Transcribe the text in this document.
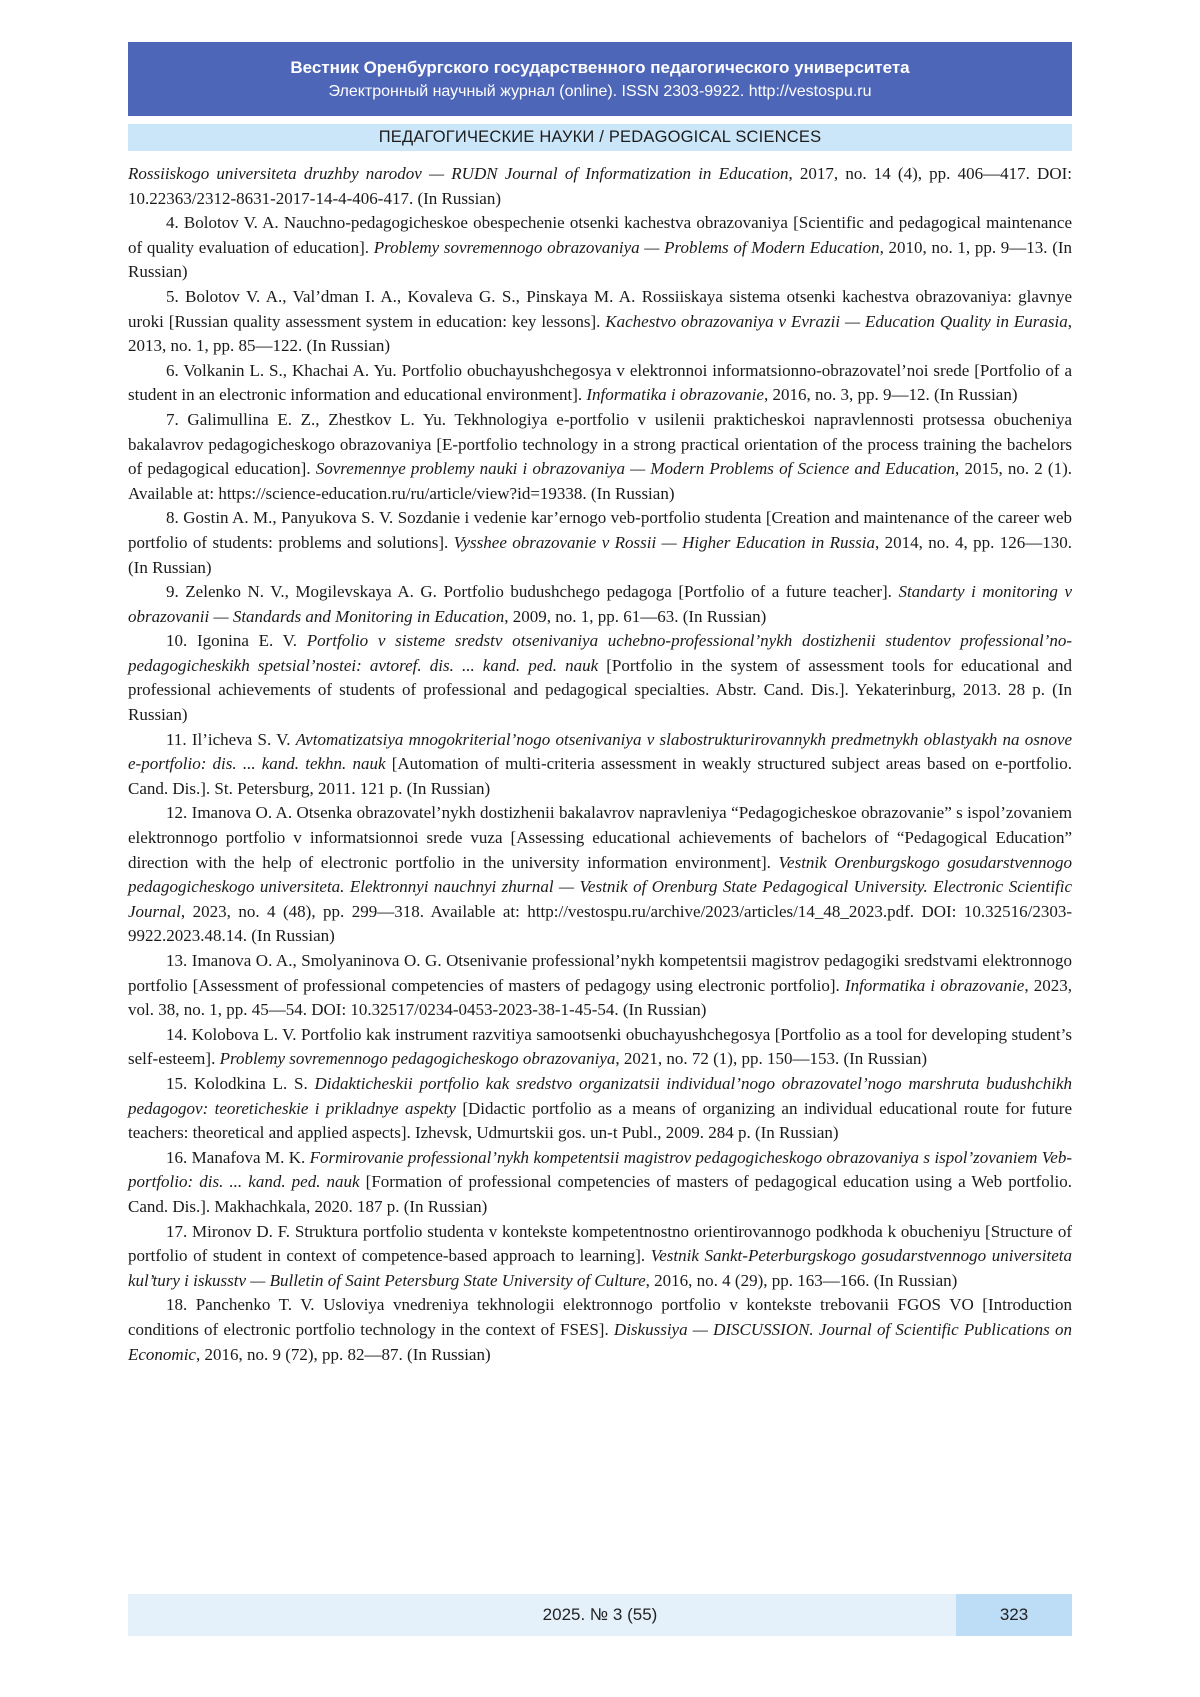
Вестник Оренбургского государственного педагогического университета
Электронный научный журнал (online). ISSN 2303-9922. http://vestospu.ru
ПЕДАГОГИЧЕСКИЕ НАУКИ / PEDAGOGICAL SCIENCES

Rossiiskogo universiteta druzhby narodov — RUDN Journal of Informatization in Education, 2017, no. 14 (4), pp. 406—417. DOI: 10.22363/2312-8631-2017-14-4-406-417. (In Russian)

4. Bolotov V. A. Nauchno-pedagogicheskoe obespechenie otsenki kachestva obrazovaniya [Scientific and pedagogical maintenance of quality evaluation of education]. Problemy sovremennogo obrazovaniya — Problems of Modern Education, 2010, no. 1, pp. 9—13. (In Russian)

5. Bolotov V. A., Val’dman I. A., Kovaleva G. S., Pinskaya M. A. Rossiiskaya sistema otsenki kachestva obrazovaniya: glavnye uroki [Russian quality assessment system in education: key lessons]. Kachestvo obrazovaniya v Evrazii — Education Quality in Eurasia, 2013, no. 1, pp. 85—122. (In Russian)

6. Volkanin L. S., Khachai A. Yu. Portfolio obuchayushchegosya v elektronnoi informatsionno-obrazovatel’noi srede [Portfolio of a student in an electronic information and educational environment]. Informatika i obrazovanie, 2016, no. 3, pp. 9—12. (In Russian)

7. Galimullina E. Z., Zhestkov L. Yu. Tekhnologiya e-portfolio v usilenii prakticheskoi napravlennosti protsessa obucheniya bakalavrov pedagogicheskogo obrazovaniya [E-portfolio technology in a strong practical orientation of the process training the bachelors of pedagogical education]. Sovremennye problemy nauki i obrazovaniya — Modern Problems of Science and Education, 2015, no. 2 (1). Available at: https://science-education.ru/ru/article/view?id=19338. (In Russian)

8. Gostin A. M., Panyukova S. V. Sozdanie i vedenie kar’ernogo veb-portfolio studenta [Creation and maintenance of the career web portfolio of students: problems and solutions]. Vysshee obrazovanie v Rossii — Higher Education in Russia, 2014, no. 4, pp. 126—130. (In Russian)

9. Zelenko N. V., Mogilevskaya A. G. Portfolio budushchego pedagoga [Portfolio of a future teacher]. Standarty i monitoring v obrazovanii — Standards and Monitoring in Education, 2009, no. 1, pp. 61—63. (In Russian)

10. Igonina E. V. Portfolio v sisteme sredstv otsenivaniya uchebno-professional’nykh dostizhenii studentov professional’no-pedagogicheskikh spetsial’nostei: avtoref. dis. ... kand. ped. nauk [Portfolio in the system of assessment tools for educational and professional achievements of students of professional and pedagogical specialties. Abstr. Cand. Dis.]. Yekaterinburg, 2013. 28 p. (In Russian)

11. Il’icheva S. V. Avtomatizatsiya mnogokriterial’nogo otsenivaniya v slabostrukturirovannykh predmetnykh oblastyakh na osnove e-portfolio: dis. ... kand. tekhn. nauk [Automation of multi-criteria assessment in weakly structured subject areas based on e-portfolio. Cand. Dis.]. St. Petersburg, 2011. 121 p. (In Russian)

12. Imanova O. A. Otsenka obrazovatel’nykh dostizhenii bakalavrov napravleniya “Pedagogicheskoe obrazovanie” s ispol’zovaniem elektronnogo portfolio v informatsionnoi srede vuza [Assessing educational achievements of bachelors of “Pedagogical Education” direction with the help of electronic portfolio in the university information environment]. Vestnik Orenburgskogo gosudarstvennogo pedagogicheskogo universiteta. Elektronnyi nauchnyi zhurnal — Vestnik of Orenburg State Pedagogical University. Electronic Scientific Journal, 2023, no. 4 (48), pp. 299—318. Available at: http://vestospu.ru/archive/2023/articles/14_48_2023.pdf. DOI: 10.32516/2303-9922.2023.48.14. (In Russian)

13. Imanova O. A., Smolyaninova O. G. Otsenivanie professional’nykh kompetentsii magistrov pedagogiki sredstvami elektronnogo portfolio [Assessment of professional competencies of masters of pedagogy using electronic portfolio]. Informatika i obrazovanie, 2023, vol. 38, no. 1, pp. 45—54. DOI: 10.32517/0234-0453-2023-38-1-45-54. (In Russian)

14. Kolobova L. V. Portfolio kak instrument razvitiya samootsenki obuchayushchegosya [Portfolio as a tool for developing student’s self-esteem]. Problemy sovremennogo pedagogicheskogo obrazovaniya, 2021, no. 72 (1), pp. 150—153. (In Russian)

15. Kolodkina L. S. Didakticheskii portfolio kak sredstvo organizatsii individual’nogo obrazovatel’nogo marshruta budushchikh pedagogov: teoreticheskie i prikladnye aspekty [Didactic portfolio as a means of organizing an individual educational route for future teachers: theoretical and applied aspects]. Izhevsk, Udmurtskii gos. un-t Publ., 2009. 284 p. (In Russian)

16. Manafova M. K. Formirovanie professional’nykh kompetentsii magistrov pedagogicheskogo obrazovaniya s ispol’zovaniem Veb-portfolio: dis. ... kand. ped. nauk [Formation of professional competencies of masters of pedagogical education using a Web portfolio. Cand. Dis.]. Makhachkala, 2020. 187 p. (In Russian)

17. Mironov D. F. Struktura portfolio studenta v kontekste kompetentnostno orientirovannogo podkhoda k obucheniyu [Structure of portfolio of student in context of competence-based approach to learning]. Vestnik Sankt-Peterburgskogo gosudarstvennogo universiteta kul’tury i iskusstv — Bulletin of Saint Petersburg State University of Culture, 2016, no. 4 (29), pp. 163—166. (In Russian)

18. Panchenko T. V. Usloviya vnedreniya tekhnologii elektronnogo portfolio v kontekste trebovanii FGOS VO [Introduction conditions of electronic portfolio technology in the context of FSES]. Diskussiya — DISCUSSION. Journal of Scientific Publications on Economic, 2016, no. 9 (72), pp. 82—87. (In Russian)

2025. № 3 (55)	323
